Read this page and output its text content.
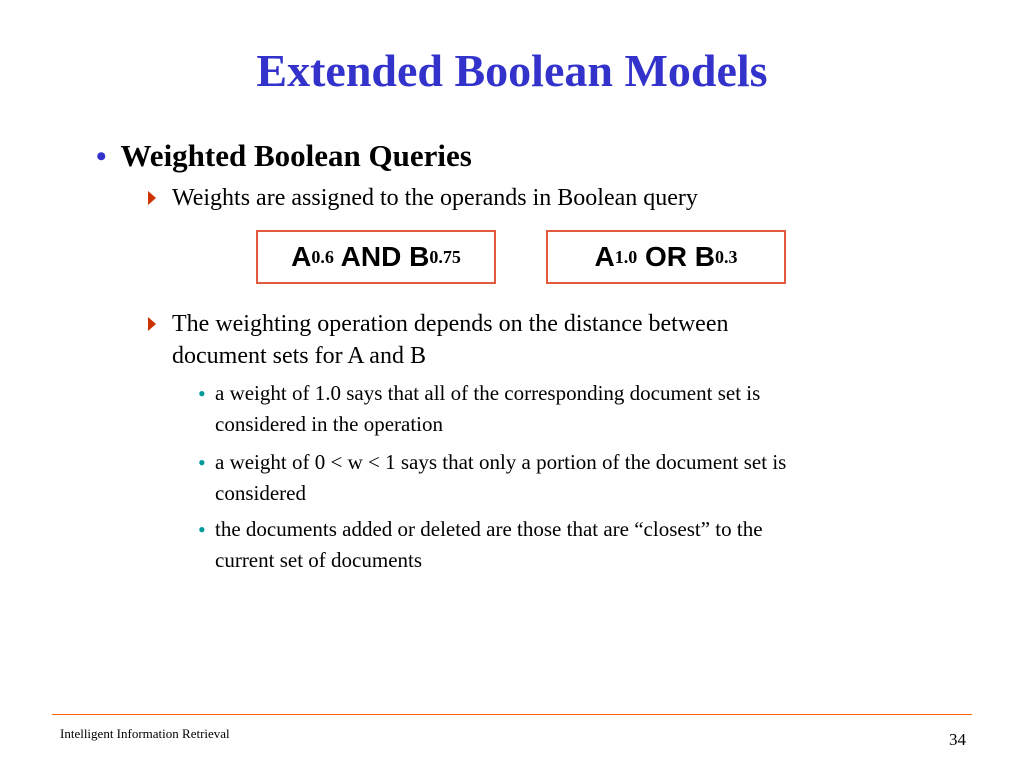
Extended Boolean Models
• Weighted Boolean Queries
Weights are assigned to the operands in Boolean query
A 0.6 AND B 0.75	A 1.0 OR B 0.3
The weighting operation depends on the distance between
document sets for A and B
• a weight of 1.0 says that all of the corresponding document set is
considered in the operation
• a weight of 0 < w < 1 says that only a portion of the document set is
considered
• the documents added or deleted are those that are “closest” to the
current set of documents
Intelligent Information Retrieval	34
